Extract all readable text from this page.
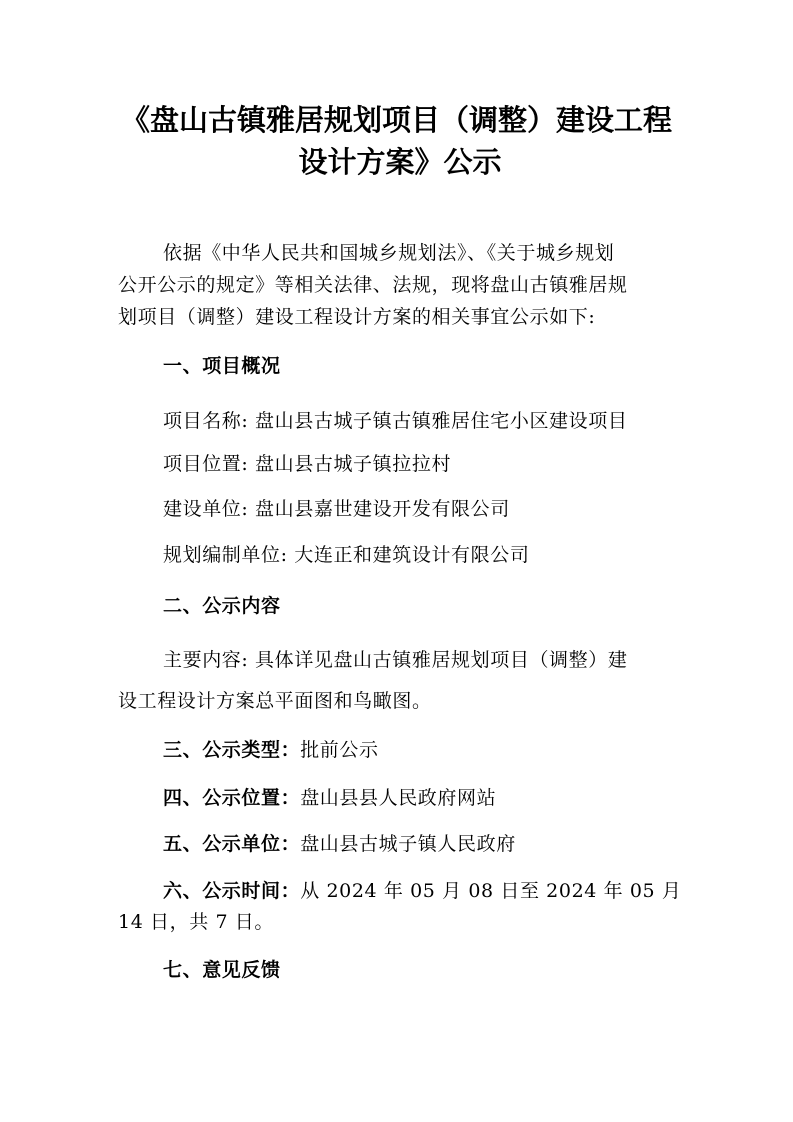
《盘山古镇雅居规划项目（调整）建设工程
设计方案》公示
依据《中华人民共和国城乡规划法》、《关于城乡规划
公开公示的规定》等相关法律、法规，现将盘山古镇雅居规
划项目（调整）建设工程设计方案的相关事宜公示如下:
一、项目概况
项目名称: 盘山县古城子镇古镇雅居住宅小区建设项目
项目位置: 盘山县古城子镇拉拉村
建设单位: 盘山县嘉世建设开发有限公司
规划编制单位: 大连正和建筑设计有限公司
二、公示内容
主要内容: 具体详见盘山古镇雅居规划项目（调整）建
设工程设计方案总平面图和鸟瞰图。
三、公示类型：批前公示
四、公示位置：盘山县县人民政府网站
五、公示单位：盘山县古城子镇人民政府
六、公示时间：从 2024 年 05 月 08 日至 2024 年 05 月
14 日，共 7 日。
七、意见反馈
